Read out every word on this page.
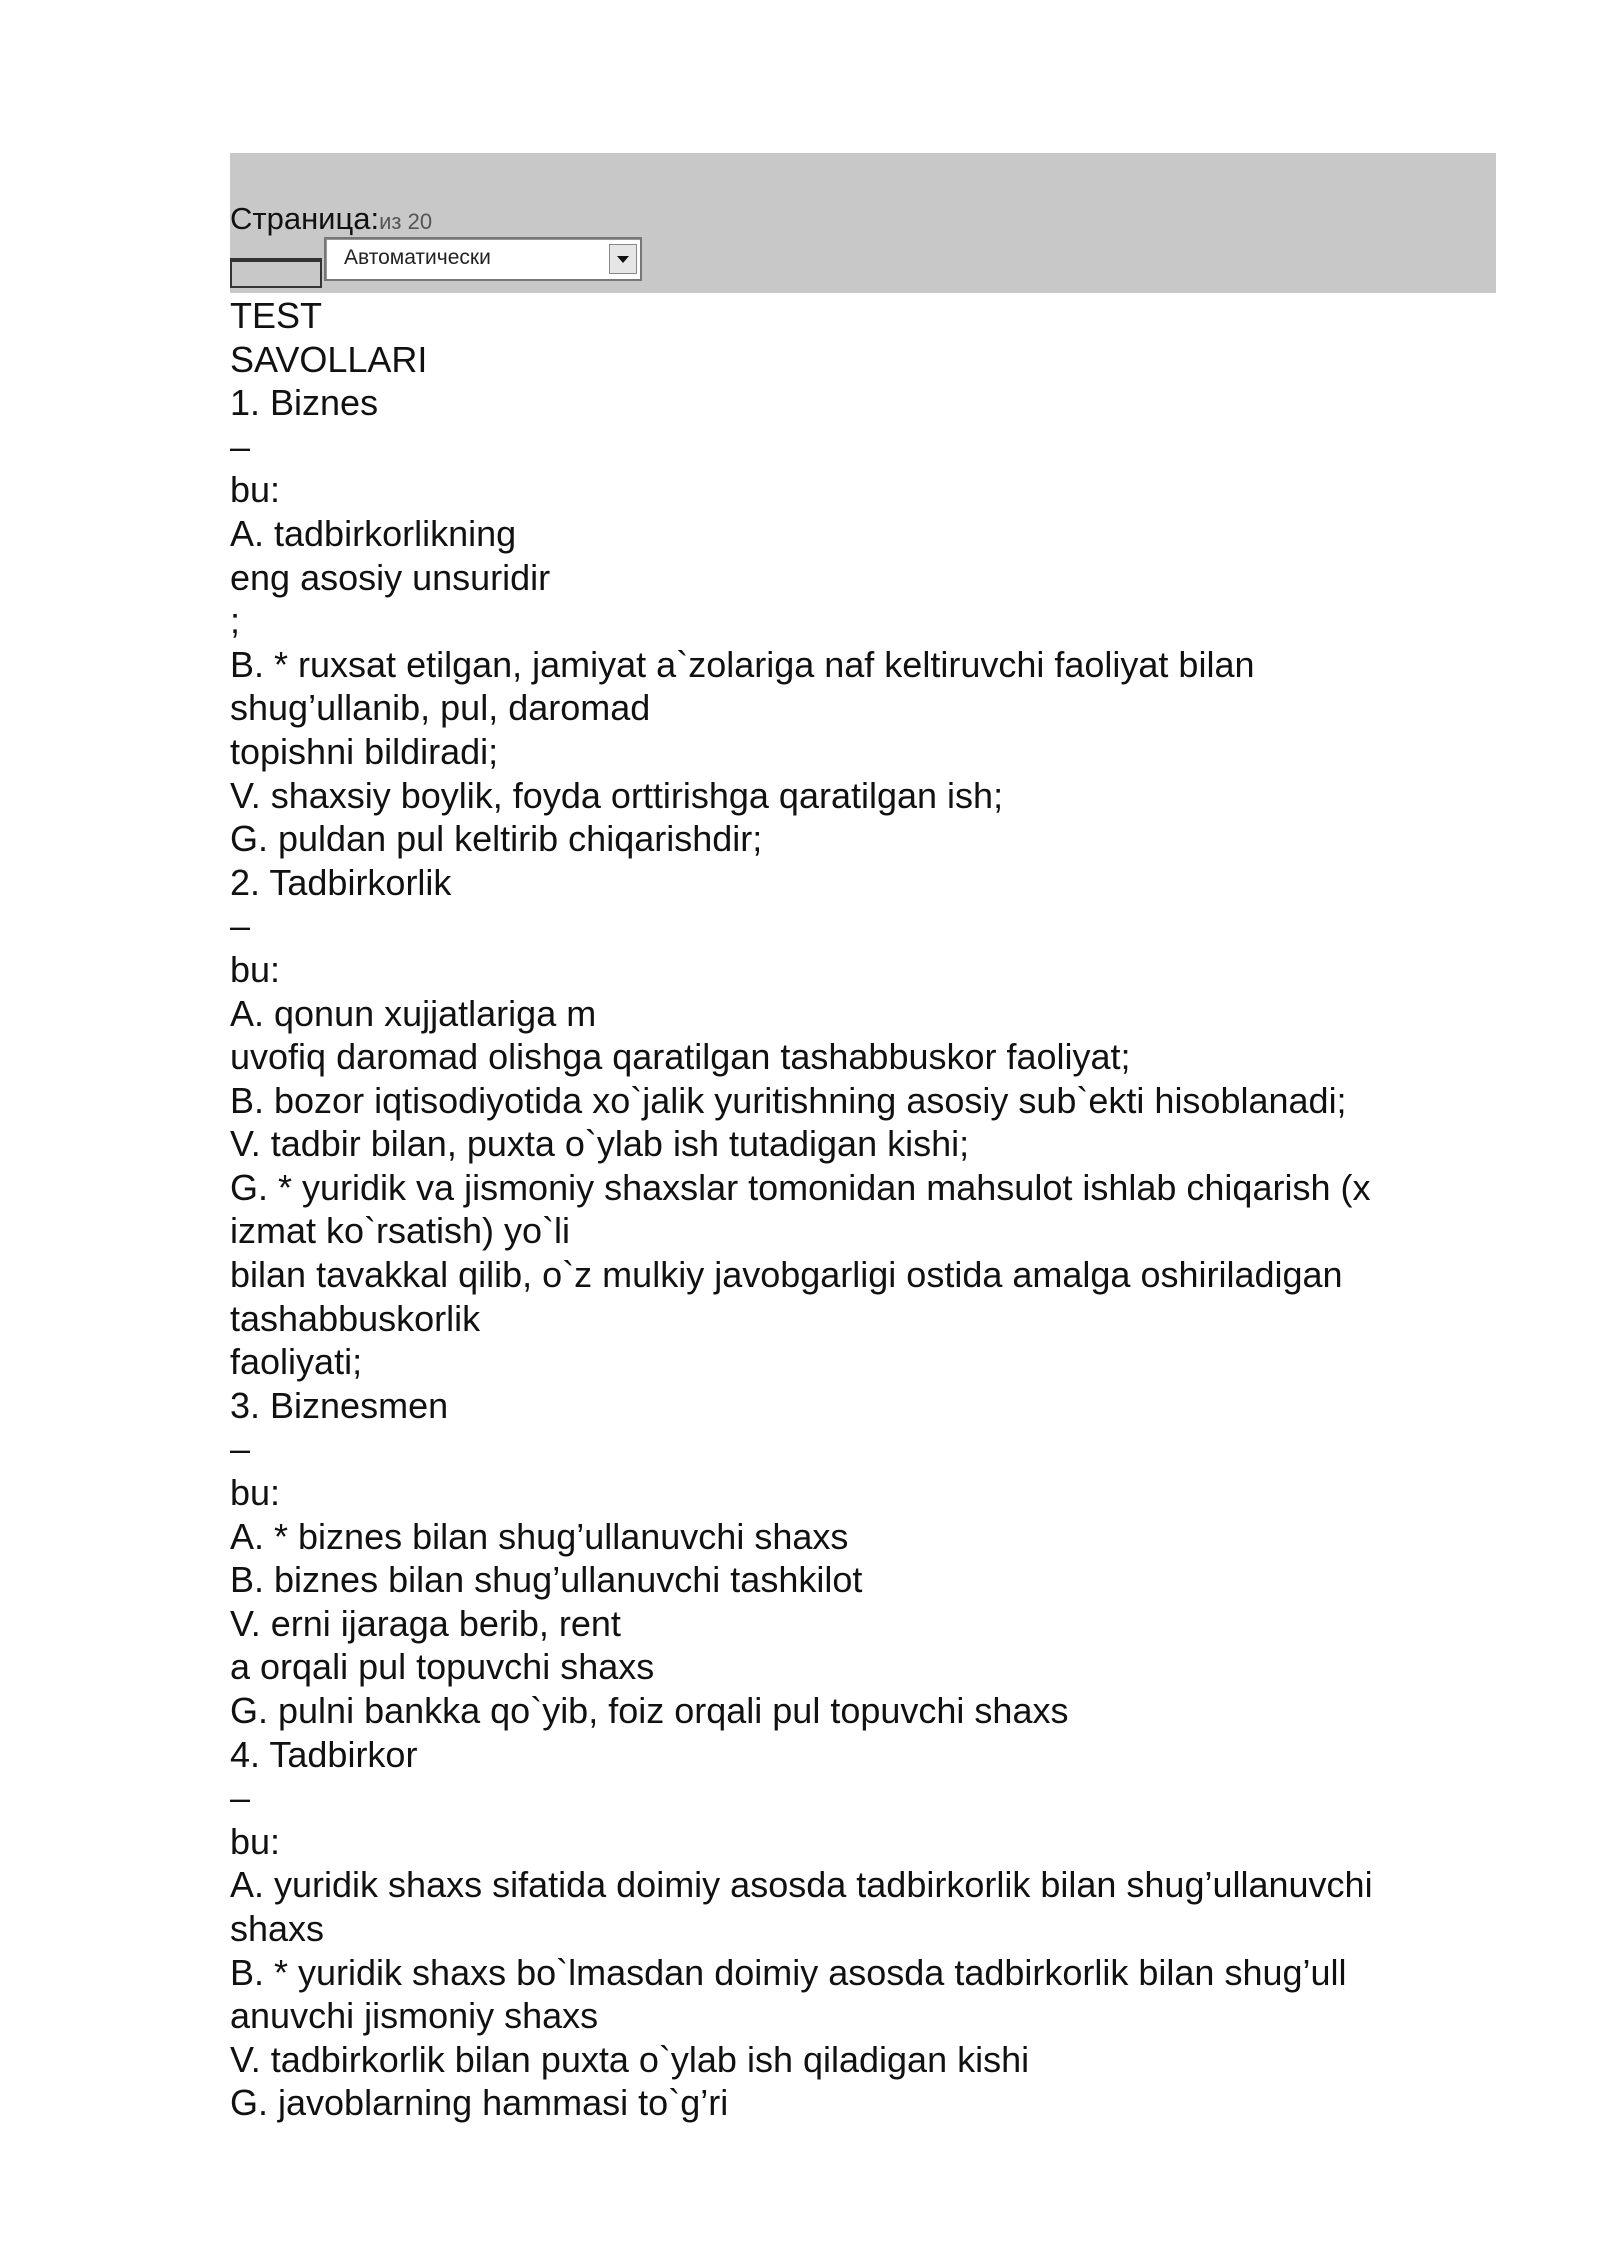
Страница:из 20
Автоматически
TEST
SAVOLLARI
1. Biznes
–
bu:
A. tadbirkorlikning
eng asosiy unsuridir
;
B. * ruxsat etilgan, jamiyat a`zolariga naf keltiruvchi faoliyat bilan
shug’ullanib, pul, daromad
topishni bildiradi;
V. shaxsiy boylik, foyda orttirishga qaratilgan ish;
G. puldan pul keltirib chiqarishdir;
2. Tadbirkorlik
–
bu:
A. qonun xujjatlariga m
uvofiq daromad olishga qaratilgan tashabbuskor faoliyat;
B. bozor iqtisodiyotida xo`jalik yuritishning asosiy sub`ekti hisoblanadi;
V. tadbir bilan, puxta o`ylab ish tutadigan kishi;
G. * yuridik va jismoniy shaxslar tomonidan mahsulot ishlab chiqarish (x
izmat ko`rsatish) yo`li
bilan tavakkal qilib, o`z mulkiy javobgarligi ostida amalga oshiriladigan
tashabbuskorlik
faoliyati;
3. Biznesmen
–
bu:
A. * biznes bilan shug’ullanuvchi shaxs
B. biznes bilan shug’ullanuvchi tashkilot
V. erni ijaraga berib, rent
a orqali pul topuvchi shaxs
G. pulni bankka qo`yib, foiz orqali pul topuvchi shaxs
4. Tadbirkor
–
bu:
A. yuridik shaxs sifatida doimiy asosda tadbirkorlik bilan shug’ullanuvchi
shaxs
B. * yuridik shaxs bo`lmasdan doimiy asosda tadbirkorlik bilan shug’ull
anuvchi jismoniy shaxs
V. tadbirkorlik bilan puxta o`ylab ish qiladigan kishi
G. javoblarning hammasi to`g’ri
